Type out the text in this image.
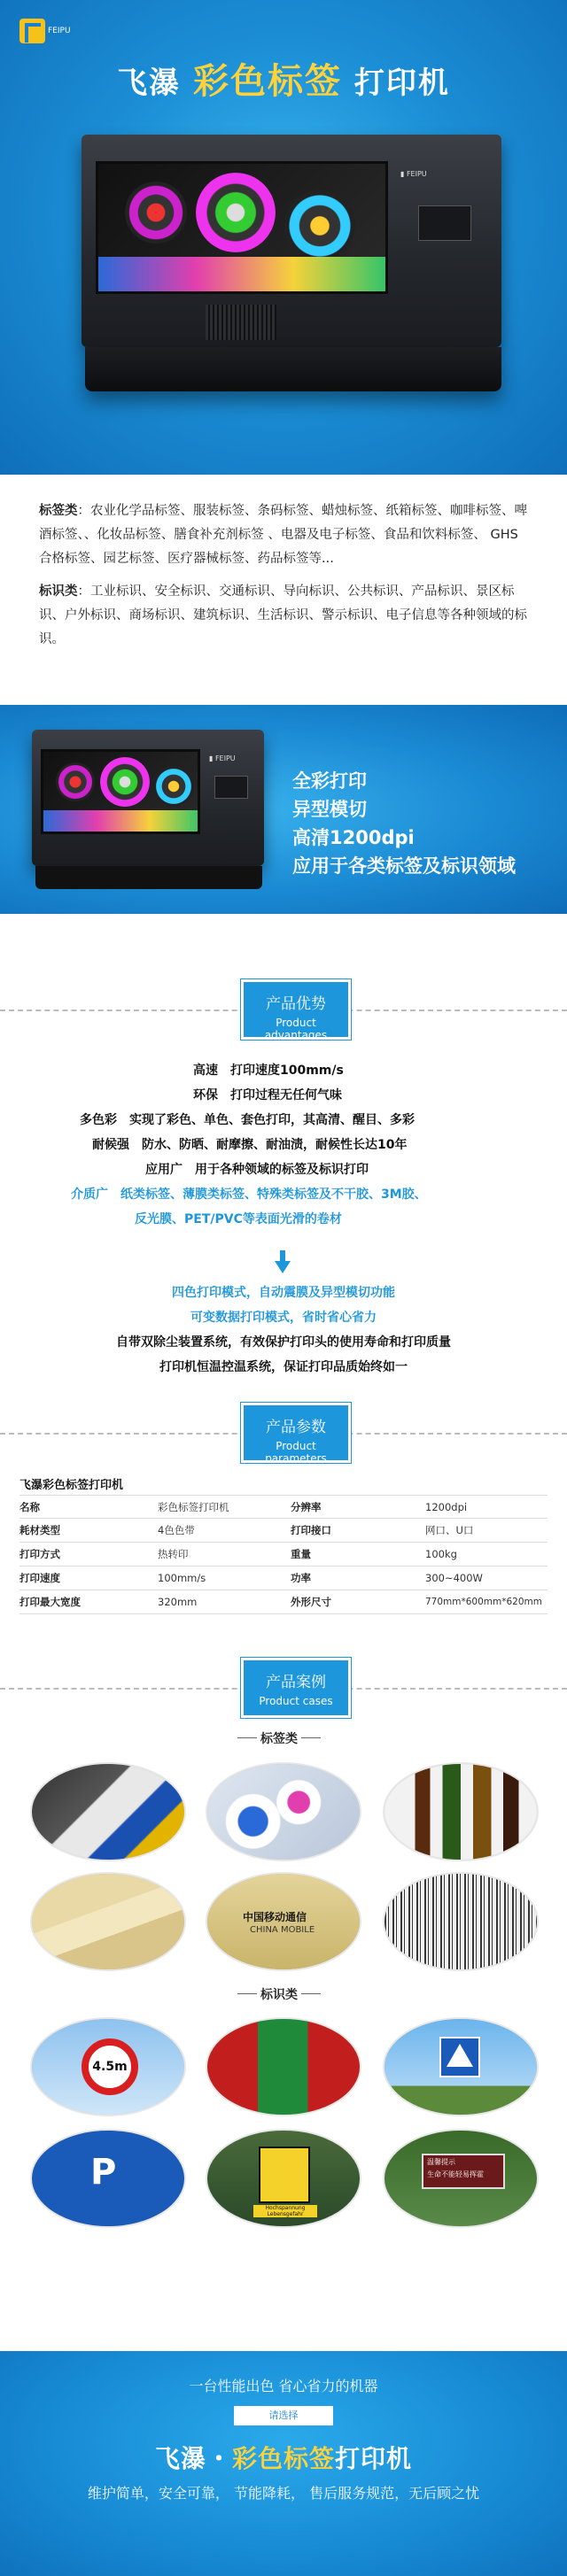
FEIPU
飞瀑 彩色标签 打印机
▮ FEIPU

标签类：农业化学品标签、服装标签、条码标签、蜡烛标签、纸箱标签、咖啡标签、啤酒标签、、化妆品标签、膳食补充剂标签 、电器及电子标签、食品和饮料标签、 GHS 合格标签、园艺标签、医疗器械标签、药品标签等...

标识类：工业标识、安全标识、交通标识、导向标识、公共标识、产品标识、景区标识、户外标识、商场标识、建筑标识、生活标识、警示标识、电子信息等各种领域的标识。

▮ FEIPU
全彩打印
异型模切
高清1200dpi
应用于各类标签及标识领域
产品优势
Product advantages
高速 打印速度100mm/s
环保 打印过程无任何气味
多色彩 实现了彩色、单色、套色打印，其高清、醒目、多彩
耐候强 防水、防晒、耐摩擦、耐油渍，耐候性长达10年
应用广 用于各种领域的标签及标识打印
介质广 纸类标签、薄膜类标签、特殊类标签及不干胶、3M胶、
反光膜、PET/PVC等表面光滑的卷材
四色打印模式，自动震膜及异型模切功能
可变数据打印模式，省时省心省力
自带双除尘装置系统，有效保护打印头的使用寿命和打印质量
打印机恒温控温系统，保证打印品质始终如一
产品参数
Product parameters
飞瀑彩色标签打印机
名称	彩色标签打印机	分辨率	1200dpi
耗材类型	4色色带	打印接口	网口、U口
打印方式	热转印	重量	100kg
打印速度	100mm/s	功率	300~400W
打印最大宽度	320mm	外形尺寸	770mm*600mm*620mm
产品案例
Product cases
标签类
中国移动通信
CHINA MOBILE
标识类
4.5m
P
Hochspannung Lebensgefahr
温馨提示
生命不能轻易挥霍
一台性能出色 省心省力的机器
请选择
飞瀑・彩色标签打印机
维护简单，安全可靠， 节能降耗， 售后服务规范，无后顾之忧
